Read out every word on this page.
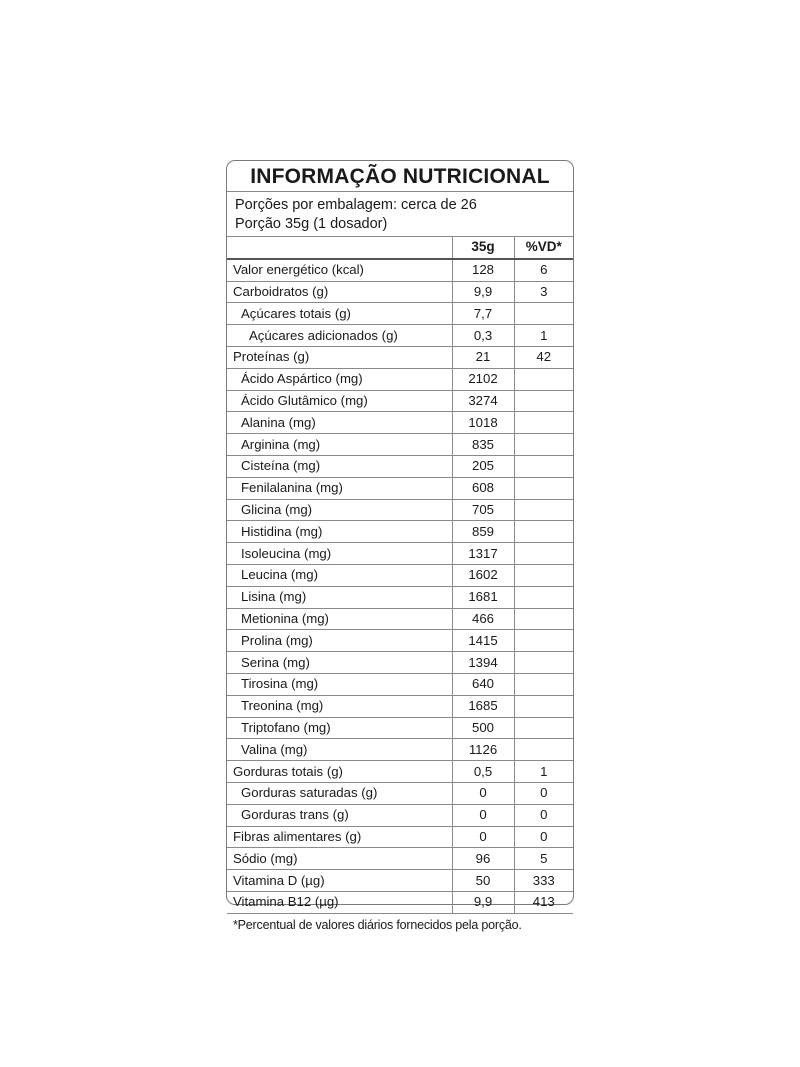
INFORMAÇÃO NUTRICIONAL
Porções por embalagem: cerca de 26
Porção 35g (1 dosador)
	35g	%VD*
Valor energético (kcal)	128	6
Carboidratos (g)	9,9	3
Açúcares totais (g)	7,7	
Açúcares adicionados (g)	0,3	1
Proteínas (g)	21	42
Ácido Aspártico (mg)	2102	
Ácido Glutâmico (mg)	3274	
Alanina (mg)	1018	
Arginina (mg)	835	
Cisteína (mg)	205	
Fenilalanina (mg)	608	
Glicina (mg)	705	
Histidina (mg)	859	
Isoleucina (mg)	1317	
Leucina (mg)	1602	
Lisina (mg)	1681	
Metionina (mg)	466	
Prolina (mg)	1415	
Serina (mg)	1394	
Tirosina (mg)	640	
Treonina (mg)	1685	
Triptofano (mg)	500	
Valina (mg)	1126	
Gorduras totais (g)	0,5	1
Gorduras saturadas (g)	0	0
Gorduras trans (g)	0	0
Fibras alimentares (g)	0	0
Sódio (mg)	96	5
Vitamina D (µg)	50	333
Vitamina B12 (µg)	9,9	413
*Percentual de valores diários fornecidos pela porção.
